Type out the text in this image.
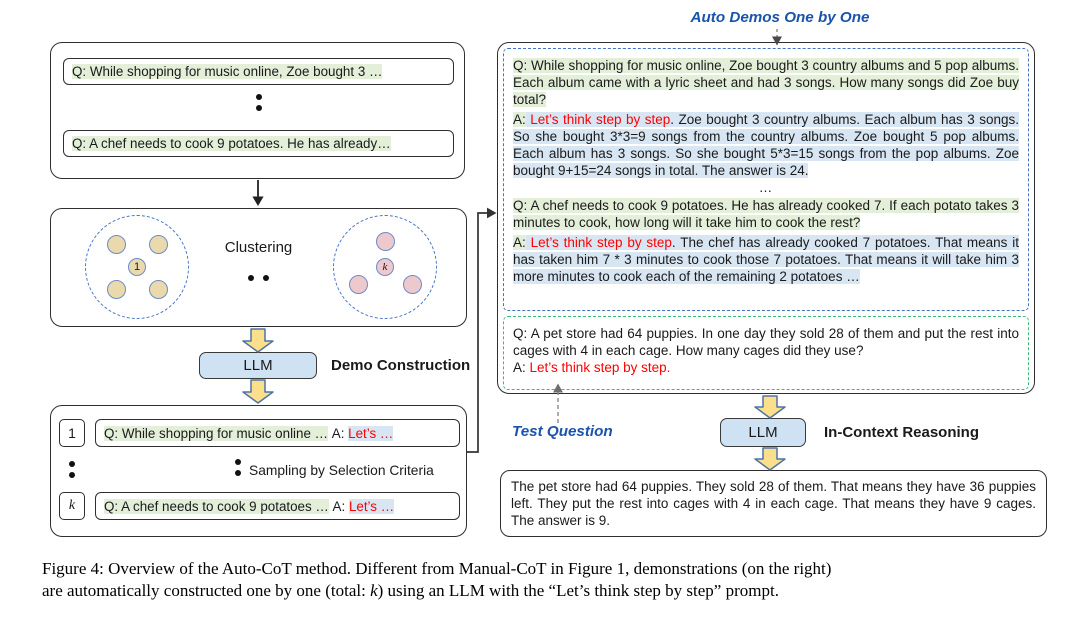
Q: While shopping for music online, Zoe bought 3 …
Q: A chef needs to cook 9 potatoes. He has already…
1
Clustering
k
LLM	Demo Construction
1	Q: While shopping for music online …
A:
Let’s …
Sampling by Selection Criteria
k	Q: A chef needs to cook 9 potatoes …
A:
Let’s …
Auto Demos One by One

Q: While shopping for music online, Zoe bought 3 country albums and 5 pop albums. Each album came with a lyric sheet and had 3 songs. How many songs did Zoe buy total?

A: Let’s think step by step. Zoe bought 3 country albums. Each album has 3 songs. So she bought 3*3=9 songs from the country albums. Zoe bought 5 pop albums. Each album has 3 songs. So she bought 5*3=15 songs from the pop albums. Zoe bought 9+15=24 songs in total. The answer is 24.

…

Q: A chef needs to cook 9 potatoes. He has already cooked 7. If each potato takes 3 minutes to cook, how long will it take him to cook the rest?

A: Let’s think step by step. The chef has already cooked 7 potatoes. That means it has taken him 7 * 3 minutes to cook those 7 potatoes. That means it will take him 3 more minutes to cook each of the remaining 2 potatoes …

Q: A pet store had 64 puppies. In one day they sold 28 of them and put the rest into cages with 4 in each cage. How many cages did they use?

A: Let’s think step by step.

Test Question	LLM	In-Context Reasoning

The pet store had 64 puppies. They sold 28 of them. That means they have 36 puppies left. They put the rest into cages with 4 in each cage. That means they have 9 cages. The answer is 9.

Figure 4: Overview of the Auto-CoT method. Different from Manual-CoT in Figure 1, demonstrations (on the right)
are automatically constructed one by one (total: k) using an LLM with the “Let’s think step by step” prompt.
